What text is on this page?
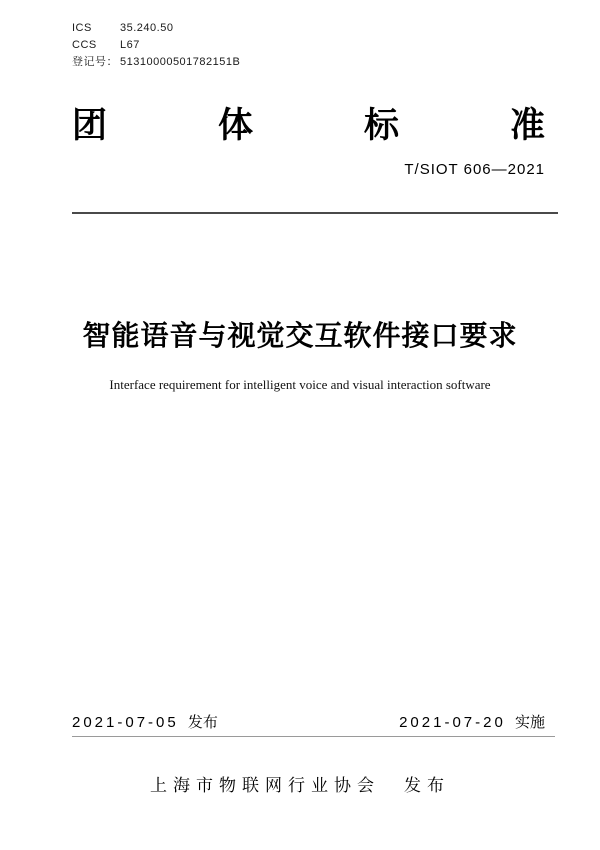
ICS	35.240.50
CCS	L67
登记号： 51310000501782151B
团	体	标	准
T/SIOT 606—2021
智能语音与视觉交互软件接口要求
Interface requirement for intelligent voice and visual interaction software
2021-07-05 发布	2021-07-20 实施
上海市物联网行业协会 发布
